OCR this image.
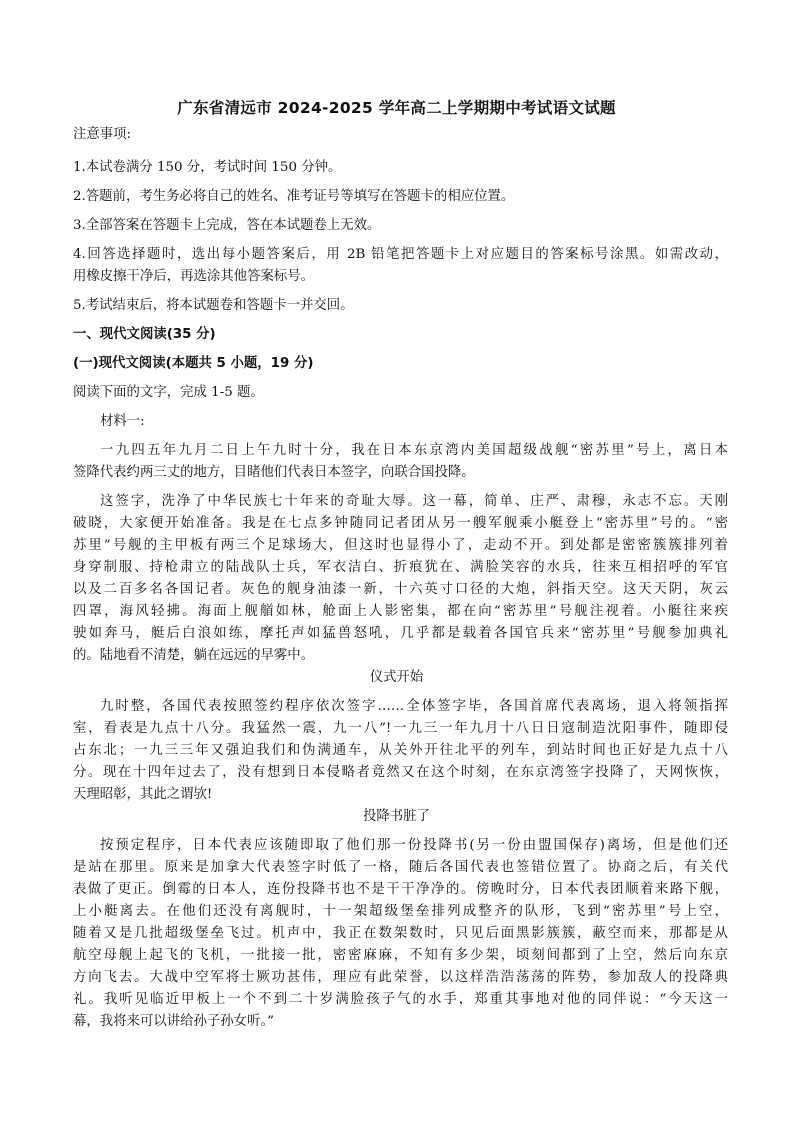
广东省清远市 2024-2025 学年高二上学期期中考试语文试题
注意事项:
1.本试卷满分 150 分，考试时间 150 分钟。
2.答题前，考生务必将自己的姓名、准考证号等填写在答题卡的相应位置。
3.全部答案在答题卡上完成，答在本试题卷上无效。
4.回答选择题时，选出每小题答案后，用 2B 铅笔把答题卡上对应题目的答案标号涂黑。如需改动，
用橡皮擦干净后，再选涂其他答案标号。
5.考试结束后，将本试题卷和答题卡一并交回。
一、现代文阅读(35 分)
(一)现代文阅读(本题共 5 小题，19 分)
阅读下面的文字，完成 1-5 题。
材料一:
一九四五年九月二日上午九时十分，我在日本东京湾内美国超级战舰“密苏里”号上，离日本
签降代表约两三丈的地方，目睹他们代表日本签字，向联合国投降。
这签字，洗净了中华民族七十年来的奇耻大辱。这一幕，简单、庄严、肃穆，永志不忘。天刚
破晓，大家便开始准备。我是在七点多钟随同记者团从另一艘军舰乘小艇登上“密苏里”号的。“密
苏里”号舰的主甲板有两三个足球场大，但这时也显得小了，走动不开。到处都是密密簇簇排列着
身穿制服、持枪肃立的陆战队士兵，军衣洁白、折痕犹在、满脸笑容的水兵，往来互相招呼的军官
以及二百多名各国记者。灰色的舰身油漆一新，十六英寸口径的大炮，斜指天空。这天天阴，灰云
四罩，海风轻拂。海面上舰艏如林，舱面上人影密集，都在向“密苏里”号舰注视着。小艇往来疾
驶如奔马，艇后白浪如练，摩托声如猛兽怒吼，几乎都是载着各国官兵来“密苏里”号舰参加典礼
的。陆地看不清楚，躺在远远的早雾中。
仪式开始
九时整，各国代表按照签约程序依次签字……全体签字毕，各国首席代表离场，退入将领指挥
室，看表是九点十八分。我猛然一震，九一八”!一九三一年九月十八日日寇制造沈阳事件，随即侵
占东北；一九三三年又强迫我们和伪满通车，从关外开往北平的列车，到站时间也正好是九点十八
分。现在十四年过去了，没有想到日本侵略者竟然又在这个时刻，在东京湾签字投降了，天网恢恢，
天理昭彰，其此之谓欤!
投降书脏了
按预定程序，日本代表应该随即取了他们那一份投降书(另一份由盟国保存)离场，但是他们还
是站在那里。原来是加拿大代表签字时低了一格，随后各国代表也签错位置了。协商之后，有关代
表做了更正。倒霉的日本人，连份投降书也不是干干净净的。傍晚时分，日本代表团顺着来路下舰，
上小艇离去。在他们还没有离舰时，十一架超级堡垒排列成整齐的队形，飞到“密苏里”号上空，
随着又是几批超级堡垒飞过。机声中，我正在数架数时，只见后面黑影簇簇，蔽空而来，那都是从
航空母舰上起飞的飞机，一批接一批，密密麻麻，不知有多少架，顷刻间都到了上空，然后向东京
方向飞去。大战中空军将士厥功甚伟，理应有此荣誉，以这样浩浩荡荡的阵势，参加敌人的投降典
礼。我听见临近甲板上一个不到二十岁满脸孩子气的水手，郑重其事地对他的同伴说：“今天这一
幕，我将来可以讲给孙子孙女听。”
